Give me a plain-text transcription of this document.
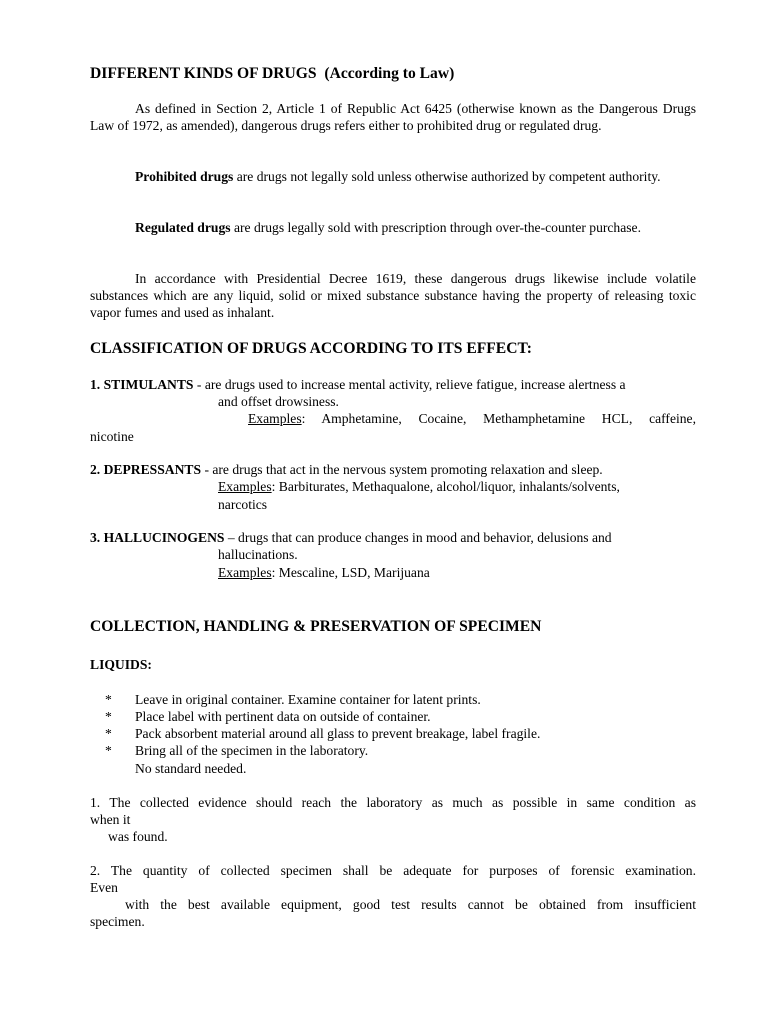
DIFFERENT KINDS OF DRUGS (According to Law)
As defined in Section 2, Article 1 of Republic Act 6425 (otherwise known as the Dangerous Drugs Law of 1972, as amended), dangerous drugs refers either to prohibited drug or regulated drug.
Prohibited drugs are drugs not legally sold unless otherwise authorized by competent authority.
Regulated drugs are drugs legally sold with prescription through over-the-counter purchase.
In accordance with Presidential Decree 1619, these dangerous drugs likewise include volatile substances which are any liquid, solid or mixed substance substance having the property of releasing toxic vapor fumes and used as inhalant.
CLASSIFICATION OF DRUGS ACCORDING TO ITS EFFECT:
1. STIMULANTS - are drugs used to increase mental activity, relieve fatigue, increase alertness a
and offset drowsiness.
Examples: Amphetamine, Cocaine, Methamphetamine HCL, caffeine,
nicotine
2. DEPRESSANTS - are drugs that act in the nervous system promoting relaxation and sleep.
Examples: Barbiturates, Methaqualone, alcohol/liquor, inhalants/solvents,
narcotics
3. HALLUCINOGENS – drugs that can produce changes in mood and behavior, delusions and
hallucinations.
Examples: Mescaline, LSD, Marijuana
COLLECTION, HANDLING & PRESERVATION OF SPECIMEN
LIQUIDS:
* Leave in original container. Examine container for latent prints.
* Place label with pertinent data on outside of container.
* Pack absorbent material around all glass to prevent breakage, label fragile.
* Bring all of the specimen in the laboratory.
No standard needed.
1. The collected evidence should reach the laboratory as much as possible in same condition as
when it
was found.
2. The quantity of collected specimen shall be adequate for purposes of forensic examination.
Even
with the best available equipment, good test results cannot be obtained from insufficient
specimen.
